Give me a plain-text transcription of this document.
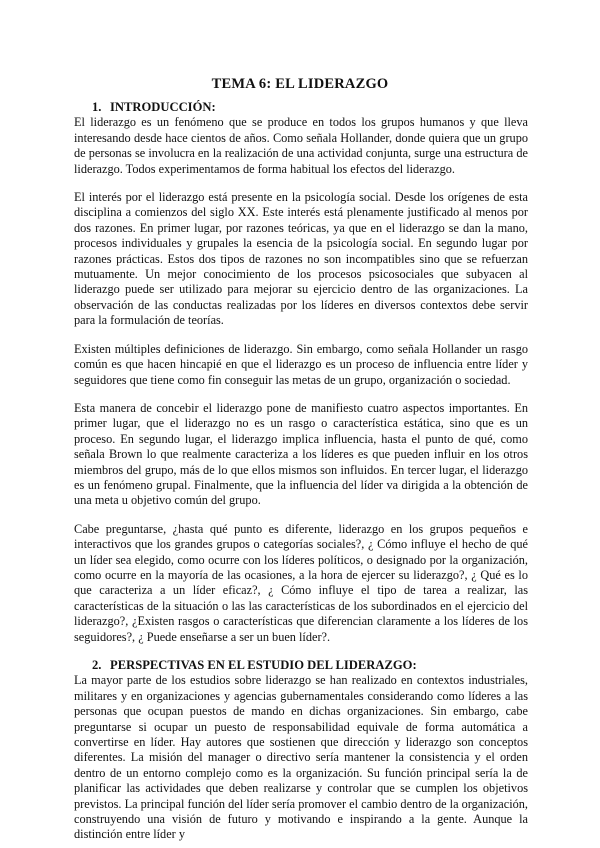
TEMA 6: EL LIDERAZGO

1. INTRODUCCIÓN:

El liderazgo es un fenómeno que se produce en todos los grupos humanos y que lleva interesando desde hace cientos de años. Como señala Hollander, donde quiera que un grupo de personas se involucra en la realización de una actividad conjunta, surge una estructura de liderazgo. Todos experimentamos de forma habitual los efectos del liderazgo.

El interés por el liderazgo está presente en la psicología social. Desde los orígenes de esta disciplina a comienzos del siglo XX. Este interés está plenamente justificado al menos por dos razones. En primer lugar, por razones teóricas, ya que en el liderazgo se dan la mano, procesos individuales y grupales la esencia de la psicología social. En segundo lugar por razones prácticas. Estos dos tipos de razones no son incompatibles sino que se refuerzan mutuamente. Un mejor conocimiento de los procesos psicosociales que subyacen al liderazgo puede ser utilizado para mejorar su ejercicio dentro de las organizaciones. La observación de las conductas realizadas por los líderes en diversos contextos debe servir para la formulación de teorías.

Existen múltiples definiciones de liderazgo. Sin embargo, como señala Hollander un rasgo común es que hacen hincapié en que el liderazgo es un proceso de influencia entre líder y seguidores que tiene como fin conseguir las metas de un grupo, organización o sociedad.

Esta manera de concebir el liderazgo pone de manifiesto cuatro aspectos importantes. En primer lugar, que el liderazgo no es un rasgo o característica estática, sino que es un proceso. En segundo lugar, el liderazgo implica influencia, hasta el punto de qué, como señala Brown lo que realmente caracteriza a los líderes es que pueden influir en los otros miembros del grupo, más de lo que ellos mismos son influidos. En tercer lugar, el liderazgo es un fenómeno grupal. Finalmente, que la influencia del líder va dirigida a la obtención de una meta u objetivo común del grupo.

Cabe preguntarse, ¿hasta qué punto es diferente, liderazgo en los grupos pequeños e interactivos que los grandes grupos o categorías sociales?, ¿ Cómo influye el hecho de qué un líder sea elegido, como ocurre con los líderes políticos, o designado por la organización, como ocurre en la mayoría de las ocasiones, a la hora de ejercer su liderazgo?, ¿ Qué es lo que caracteriza a un líder eficaz?, ¿ Cómo influye el tipo de tarea a realizar, las características de la situación o las las características de los subordinados en el ejercicio del liderazgo?, ¿Existen rasgos o características que diferencian claramente a los líderes de los seguidores?, ¿ Puede enseñarse a ser un buen líder?.

2. PERSPECTIVAS EN EL ESTUDIO DEL LIDERAZGO:

La mayor parte de los estudios sobre liderazgo se han realizado en contextos industriales, militares y en organizaciones y agencias gubernamentales considerando como líderes a las personas que ocupan puestos de mando en dichas organizaciones. Sin embargo, cabe preguntarse si ocupar un puesto de responsabilidad equivale de forma automática a convertirse en líder. Hay autores que sostienen que dirección y liderazgo son conceptos diferentes. La misión del manager o directivo sería mantener la consistencia y el orden dentro de un entorno complejo como es la organización. Su función principal sería la de planificar las actividades que deben realizarse y controlar que se cumplen los objetivos previstos. La principal función del líder sería promover el cambio dentro de la organización, construyendo una visión de futuro y motivando e inspirando a la gente. Aunque la distinción entre líder y
